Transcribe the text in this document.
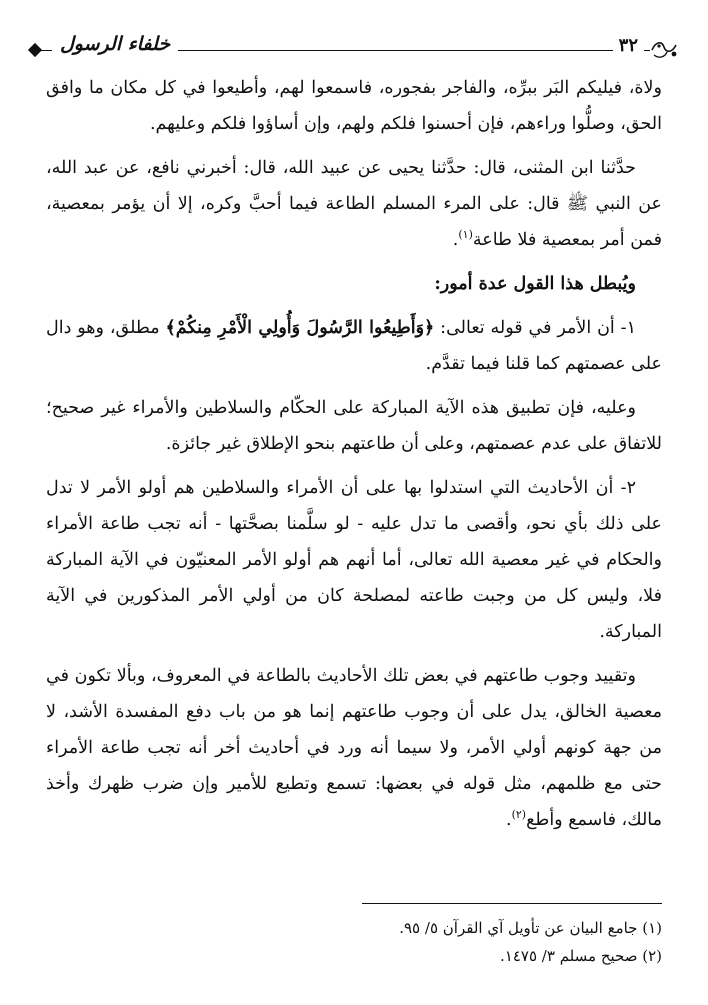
خلفاء الرسول	٣٢

ولاة، فيليكم البَر ببرِّه، والفاجر بفجوره، فاسمعوا لهم، وأطيعوا في كل مكان ما وافق الحق، وصلُّوا وراءهم، فإن أحسنوا فلكم ولهم، وإن أساؤوا فلكم وعليهم.

حدَّثنا ابن المثنى، قال: حدَّثنا يحيى عن عبيد الله، قال: أخبرني نافع، عن عبد الله، عن النبي ﷺ قال: على المرء المسلم الطاعة فيما أحبَّ وكره، إلا أن يؤمر بمعصية، فمن أمر بمعصية فلا طاعة$^{(١)}$.

ويُبطل هذا القول عدة أمور:

١- أن الأمر في قوله تعالى: ﴿وَأَطِيعُوا الرَّسُولَ وَأُولِي الْأَمْرِ مِنكُمْ﴾ مطلق، وهو دال على عصمتهم كما قلنا فيما تقدَّم.

وعليه، فإن تطبيق هذه الآية المباركة على الحكّام والسلاطين والأمراء غير صحيح؛ للاتفاق على عدم عصمتهم، وعلى أن طاعتهم بنحو الإطلاق غير جائزة.

٢- أن الأحاديث التي استدلوا بها على أن الأمراء والسلاطين هم أولو الأمر لا تدل على ذلك بأي نحو، وأقصى ما تدل عليه - لو سلَّمنا بصحَّتها - أنه تجب طاعة الأمراء والحكام في غير معصية الله تعالى، أما أنهم هم أولو الأمر المعنيّون في الآية المباركة فلا، وليس كل من وجبت طاعته لمصلحة كان من أولي الأمر المذكورين في الآية المباركة.

وتقييد وجوب طاعتهم في بعض تلك الأحاديث بالطاعة في المعروف، وبألا تكون في معصية الخالق، يدل على أن وجوب طاعتهم إنما هو من باب دفع المفسدة الأشد، لا من جهة كونهم أولي الأمر، ولا سيما أنه ورد في أحاديث أخر أنه تجب طاعة الأمراء حتى مع ظلمهم، مثل قوله في بعضها: تسمع وتطيع للأمير وإن ضرب ظهرك وأخذ مالك، فاسمع وأطع$^{(٢)}$.

(١) جامع البيان عن تأويل آي القرآن ٥/ ٩٥.
(٢) صحيح مسلم ٣/ ١٤٧٥.
